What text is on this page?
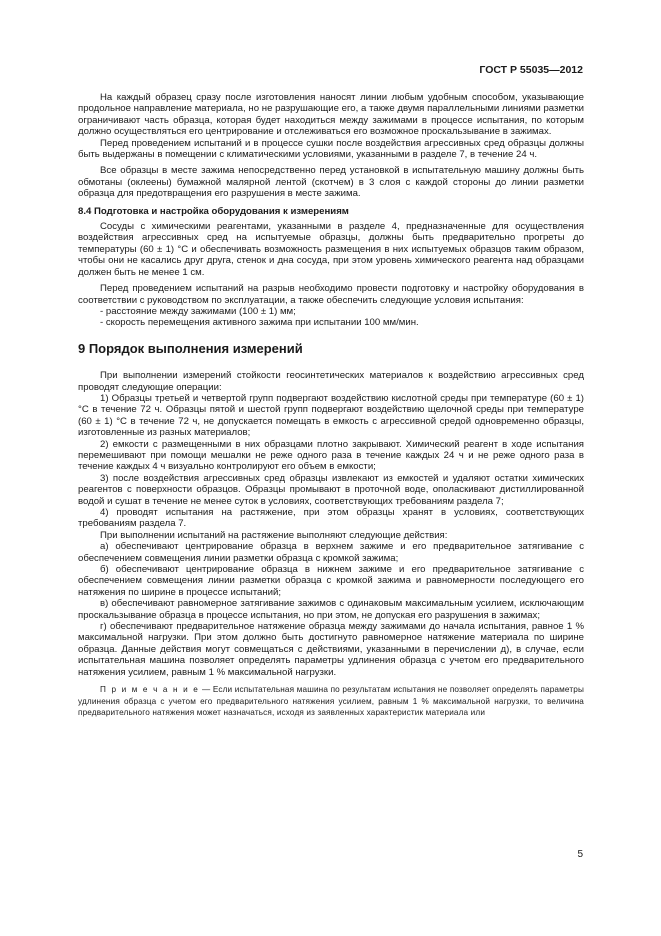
ГОСТ Р 55035—2012

На каждый образец сразу после изготовления наносят линии любым удобным способом, указывающие продольное направление материала, но не разрушающие его, а также двумя параллельными линиями разметки ограничивают часть образца, которая будет находиться между зажимами в процессе испытания, по которым должно осуществляться его центрирование и отслеживаться его возможное проскальзывание в зажимах.

Перед проведением испытаний и в процессе сушки после воздействия агрессивных сред образцы должны быть выдержаны в помещении с климатическими условиями, указанными в разделе 7, в течение 24 ч.

Все образцы в месте зажима непосредственно перед установкой в испытательную машину должны быть обмотаны (оклеены) бумажной малярной лентой (скотчем) в 3 слоя с каждой стороны до линии разметки образца для предотвращения его разрушения в месте зажима.

8.4 Подготовка и настройка оборудования к измерениям

Сосуды с химическими реагентами, указанными в разделе 4, предназначенные для осуществления воздействия агрессивных сред на испытуемые образцы, должны быть предварительно прогреты до температуры (60 ± 1) °С и обеспечивать возможность размещения в них испытуемых образцов таким образом, чтобы они не касались друг друга, стенок и дна сосуда, при этом уровень химического реагента над образцами должен быть не менее 1 см.

Перед проведением испытаний на разрыв необходимо провести подготовку и настройку оборудования в соответствии с руководством по эксплуатации, а также обеспечить следующие условия испытания:

- расстояние между зажимами (100 ± 1) мм;

- скорость перемещения активного зажима при испытании 100 мм/мин.

9 Порядок выполнения измерений

При выполнении измерений стойкости геосинтетических материалов к воздействию агрессивных сред проводят следующие операции:

1) Образцы третьей и четвертой групп подвергают воздействию кислотной среды при температуре (60 ± 1) °С в течение 72 ч. Образцы пятой и шестой групп подвергают воздействию щелочной среды при температуре (60 ± 1) °С в течение 72 ч, не допускается помещать в емкость с агрессивной средой одновременно образцы, изготовленные из разных материалов;

2) емкости с размещенными в них образцами плотно закрывают. Химический реагент в ходе испытания перемешивают при помощи мешалки не реже одного раза в течение каждых 24 ч и не реже одного раза в течение каждых 4 ч визуально контролируют его объем в емкости;

3) после воздействия агрессивных сред образцы извлекают из емкостей и удаляют остатки химических реагентов с поверхности образцов. Образцы промывают в проточной воде, ополаскивают дистиллированной водой и сушат в течение не менее суток в условиях, соответствующих требованиям раздела 7;

4) проводят испытания на растяжение, при этом образцы хранят в условиях, соответствующих требованиям раздела 7.

При выполнении испытаний на растяжение выполняют следующие действия:

а) обеспечивают центрирование образца в верхнем зажиме и его предварительное затягивание с обеспечением совмещения линии разметки образца с кромкой зажима;

б) обеспечивают центрирование образца в нижнем зажиме и его предварительное затягивание с обеспечением совмещения линии разметки образца с кромкой зажима и равномерности последующего его натяжения по ширине в процессе испытаний;

в) обеспечивают равномерное затягивание зажимов с одинаковым максимальным усилием, исключающим проскальзывание образца в процессе испытания, но при этом, не допуская его разрушения в зажимах;

г) обеспечивают предварительное натяжение образца между зажимами до начала испытания, равное 1 % максимальной нагрузки. При этом должно быть достигнуто равномерное натяжение материала по ширине образца. Данные действия могут совмещаться с действиями, указанными в перечислении д), в случае, если испытательная машина позволяет определять параметры удлинения образца с учетом его предварительного натяжения усилием, равным 1 % максимальной нагрузки.

П р и м е ч а н и е — Если испытательная машина по результатам испытания не позволяет определять параметры удлинения образца с учетом его предварительного натяжения усилием, равным 1 % максимальной нагрузки, то величина предварительного натяжения может назначаться, исходя из заявленных характеристик материала или

5
